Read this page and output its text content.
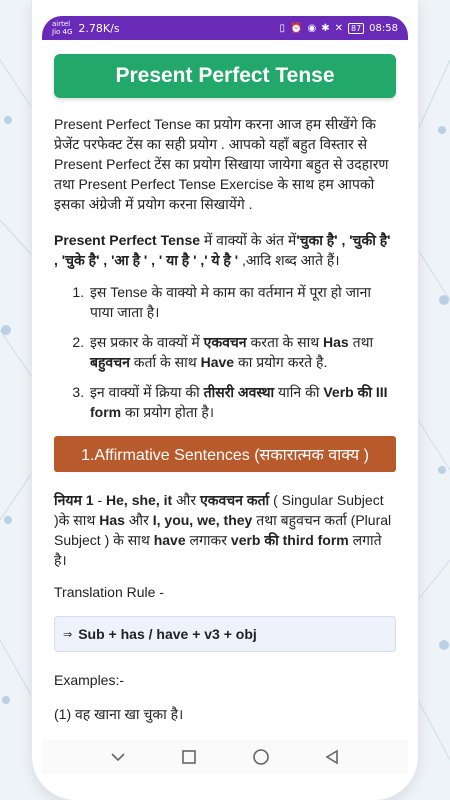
airtel
Jio 4G 2.78K/s	▯ ⏰ ◉ ✱ ✕	87 08:58
Present Perfect Tense

Present Perfect Tense का प्रयोग करना आज हम सीखेंगे कि प्रेजेंट परफेक्ट टेंस का सही प्रयोग . आपको यहाँ बहुत विस्तार से Present Perfect टेंस का प्रयोग सिखाया जायेगा बहुत से उदहारण तथा Present Perfect Tense Exercise के साथ हम आपको इसका अंग्रेजी में प्रयोग करना सिखायेंगे .

Present Perfect Tense में वाक्यों के अंत में'चुका है' , 'चुकी है' , 'चुके है' , 'आ है ' , ' या है ' ,' ये है ' ,आदि शब्द आते हैं।

1. इस Tense के वाक्यो मे काम का वर्तमान में पूरा हो जाना पाया जाता है।
2. इस प्रकार के वाक्यों में एकवचन करता के साथ Has तथा बहुवचन कर्ता के साथ Have का प्रयोग करते है.
3. इन वाक्यों में क्रिया की तीसरी अवस्था यानि की Verb की III form का प्रयोग होता है।
1.Affirmative Sentences (सकारात्मक वाक्य )

नियम 1 - He, she, it और एकवचन कर्ता ( Singular Subject )के साथ Has और I, you, we, they तथा बहुवचन कर्ता (Plural Subject ) के साथ have लगाकर verb की third form लगाते है।

Translation Rule -

⇒ Sub + has / have + v3 + obj

Examples:-

(1) वह खाना खा चुका है।
